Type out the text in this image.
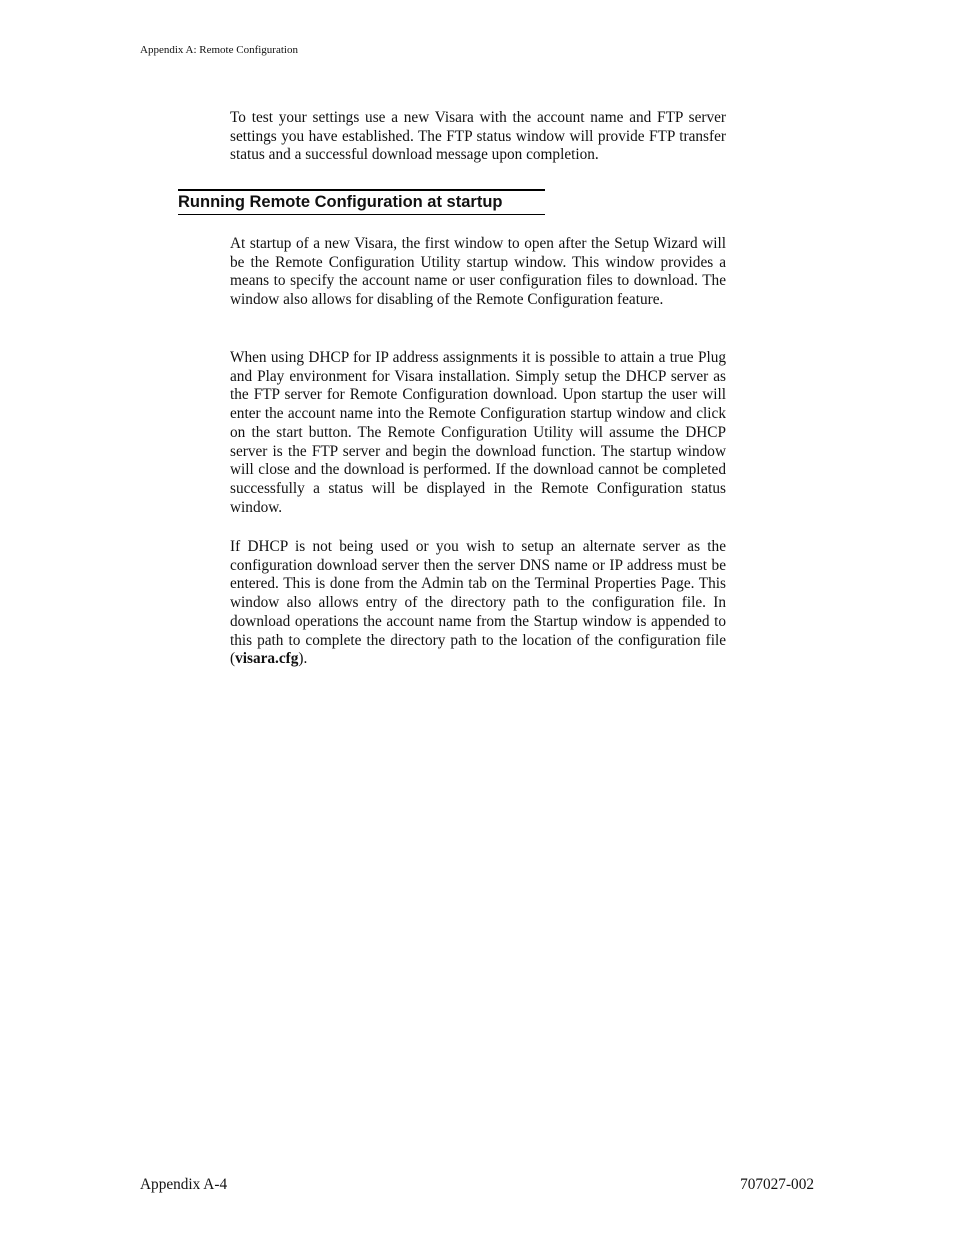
Appendix A: Remote Configuration

To test your settings use a new Visara with the account name and FTP server settings you have established. The FTP status window will provide FTP transfer status and a successful download message upon completion.

Running Remote Configuration at startup

At startup of a new Visara, the first window to open after the Setup Wizard will be the Remote Configuration Utility startup window. This window provides a means to specify the account name or user configuration files to download. The window also allows for disabling of the Remote Configuration feature.

When using DHCP for IP address assignments it is possible to attain a true Plug and Play environment for Visara installation. Simply setup the DHCP server as the FTP server for Remote Configuration download. Upon startup the user will enter the account name into the Remote Configuration startup window and click on the start button. The Remote Configuration Utility will assume the DHCP server is the FTP server and begin the download function. The startup window will close and the download is performed. If the download cannot be completed successfully a status will be displayed in the Remote Configuration status window.

If DHCP is not being used or you wish to setup an alternate server as the configuration download server then the server DNS name or IP address must be entered. This is done from the Admin tab on the Terminal Properties Page. This window also allows entry of the directory path to the configuration file. In download operations the account name from the Startup window is appended to this path to complete the directory path to the location of the configuration file (visara.cfg).

Appendix A-4	707027-002
